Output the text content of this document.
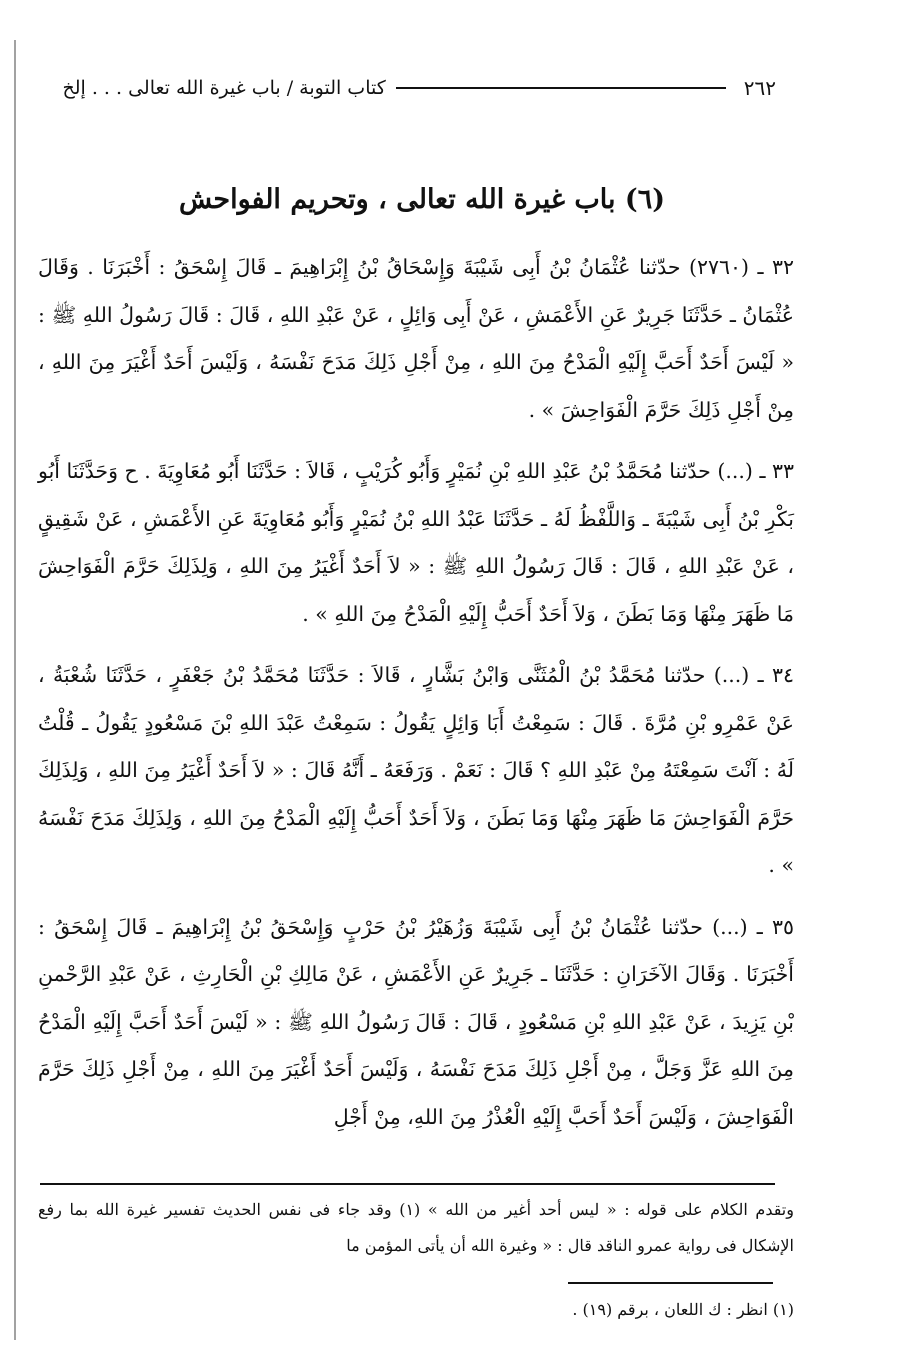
٢٦٢
كتاب التوبة / باب غيرة الله تعالى . . . إلخ
(٦) باب غيرة الله تعالى ، وتحريم الفواحش

٣٢ ـ (٢٧٦٠) حدّثنا عُثْمَانُ بْنُ أَبِى شَيْبَةَ وَإِسْحَاقُ بْنُ إِبْرَاهِيمَ ـ قَالَ إِسْحَقُ : أَخْبَرَنَا . وَقَالَ عُثْمَانُ ـ حَدَّثَنَا جَرِيرٌ عَنِ الأَعْمَشِ ، عَنْ أَبِى وَائِلٍ ، عَنْ عَبْدِ اللهِ ، قَالَ : قَالَ رَسُولُ اللهِ ﷺ : « لَيْسَ أَحَدٌ أَحَبَّ إِلَيْهِ الْمَدْحُ مِنَ اللهِ ، مِنْ أَجْلِ ذَلِكَ مَدَحَ نَفْسَهُ ، وَلَيْسَ أَحَدٌ أَغْيَرَ مِنَ اللهِ ، مِنْ أَجْلِ ذَلِكَ حَرَّمَ الْفَوَاحِشَ » .

٣٣ ـ (...) حدّثنا مُحَمَّدُ بْنُ عَبْدِ اللهِ بْنِ نُمَيْرٍ وَأَبُو كُرَيْبٍ ، قَالاَ : حَدَّثَنَا أَبُو مُعَاوِيَةَ . ح وَحَدَّثَنَا أَبُو بَكْرِ بْنُ أَبِى شَيْبَةَ ـ وَاللَّفْظُ لَهُ ـ حَدَّثَنَا عَبْدُ اللهِ بْنُ نُمَيْرٍ وَأَبُو مُعَاوِيَةَ عَنِ الأَعْمَشِ ، عَنْ شَقِيقٍ ، عَنْ عَبْدِ اللهِ ، قَالَ : قَالَ رَسُولُ اللهِ ﷺ : « لاَ أَحَدٌ أَغْيَرُ مِنَ اللهِ ، وَلِذَلِكَ حَرَّمَ الْفَوَاحِشَ مَا ظَهَرَ مِنْهَا وَمَا بَطَنَ ، وَلاَ أَحَدٌ أَحَبُّ إِلَيْهِ الْمَدْحُ مِنَ اللهِ » .

٣٤ ـ (...) حدّثنا مُحَمَّدُ بْنُ الْمُثَنَّى وَابْنُ بَشَّارٍ ، قَالاَ : حَدَّثَنَا مُحَمَّدُ بْنُ جَعْفَرٍ ، حَدَّثَنَا شُعْبَةُ ، عَنْ عَمْرِو بْنِ مُرَّةَ . قَالَ : سَمِعْتُ أَبَا وَائِلٍ يَقُولُ : سَمِعْتُ عَبْدَ اللهِ بْنَ مَسْعُودٍ يَقُولُ ـ قُلْتُ لَهُ : آنْتَ سَمِعْتَهُ مِنْ عَبْدِ اللهِ ؟ قَالَ : نَعَمْ . وَرَفَعَهُ ـ أَنَّهُ قَالَ : « لاَ أَحَدٌ أَغْيَرُ مِنَ اللهِ ، وَلِذَلِكَ حَرَّمَ الْفَوَاحِشَ مَا ظَهَرَ مِنْهَا وَمَا بَطَنَ ، وَلاَ أَحَدٌ أَحَبُّ إِلَيْهِ الْمَدْحُ مِنَ اللهِ ، وَلِذَلِكَ مَدَحَ نَفْسَهُ » .

٣٥ ـ (...) حدّثنا عُثْمَانُ بْنُ أَبِى شَيْبَةَ وَزُهَيْرُ بْنُ حَرْبٍ وَإِسْحَقُ بْنُ إِبْرَاهِيمَ ـ قَالَ إِسْحَقُ : أَخْبَرَنَا . وَقَالَ الآخَرَانِ : حَدَّثَنَا ـ جَرِيرٌ عَنِ الأَعْمَشِ ، عَنْ مَالِكِ بْنِ الْحَارِثِ ، عَنْ عَبْدِ الرَّحْمنِ بْنِ يَزِيدَ ، عَنْ عَبْدِ اللهِ بْنِ مَسْعُودٍ ، قَالَ : قَالَ رَسُولُ اللهِ ﷺ : « لَيْسَ أَحَدٌ أَحَبَّ إِلَيْهِ الْمَدْحُ مِنَ اللهِ عَزَّ وَجَلَّ ، مِنْ أَجْلِ ذَلِكَ مَدَحَ نَفْسَهُ ، وَلَيْسَ أَحَدٌ أَغْيَرَ مِنَ اللهِ ، مِنْ أَجْلِ ذَلِكَ حَرَّمَ الْفَوَاحِشَ ، وَلَيْسَ أَحَدٌ أَحَبَّ إِلَيْهِ الْعُذْرُ مِنَ اللهِ، مِنْ أَجْلِ

وتقدم الكلام على قوله : « ليس أحد أغير من الله » (١) وقد جاء فى نفس الحديث تفسير غيرة الله بما رفع الإشكال فى رواية عمرو الناقد قال : « وغيرة الله أن يأتى المؤمن ما
(١) انظر : ك اللعان ، برقم (١٩) .
